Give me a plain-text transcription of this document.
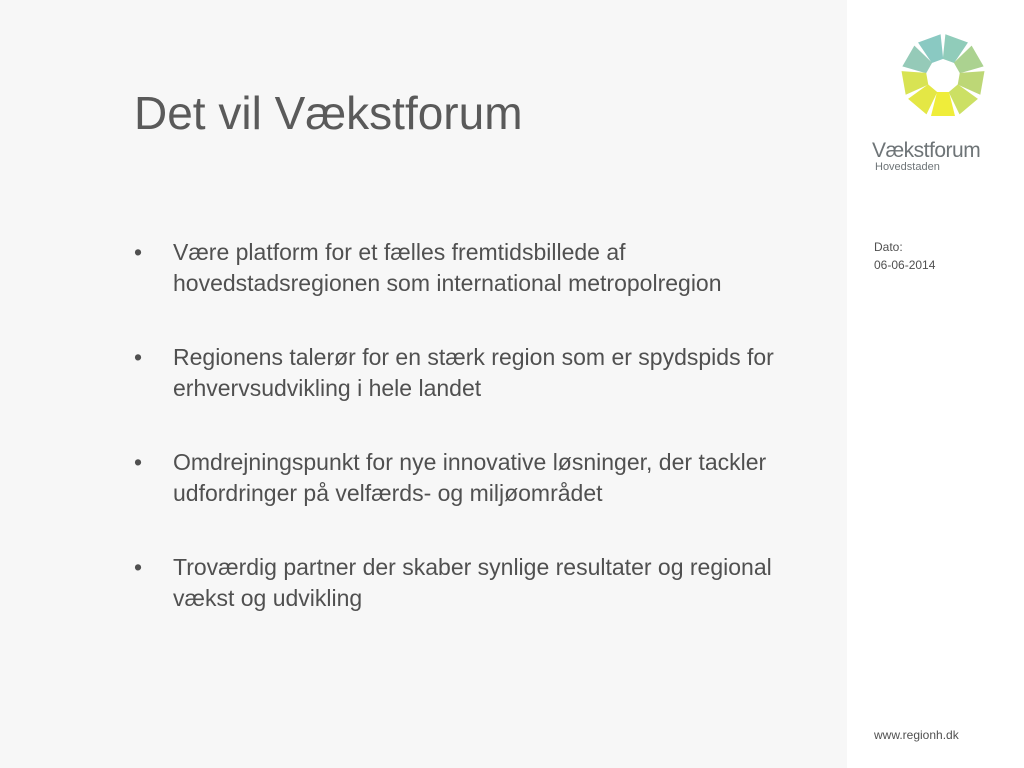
Det vil Vækstforum
• Være platform for et fælles fremtidsbillede af hovedstadsregionen som international metropolregion
• Regionens talerør for en stærk region som er spydspids for erhvervsudvikling i hele landet
• Omdrejningspunkt for nye innovative løsninger, der tackler udfordringer på velfærds- og miljøområdet
• Troværdig partner der skaber synlige resultater og regional vækst og udvikling
Vækstforum
Hovedstaden
Dato:
06-06-2014
www.regionh.dk
